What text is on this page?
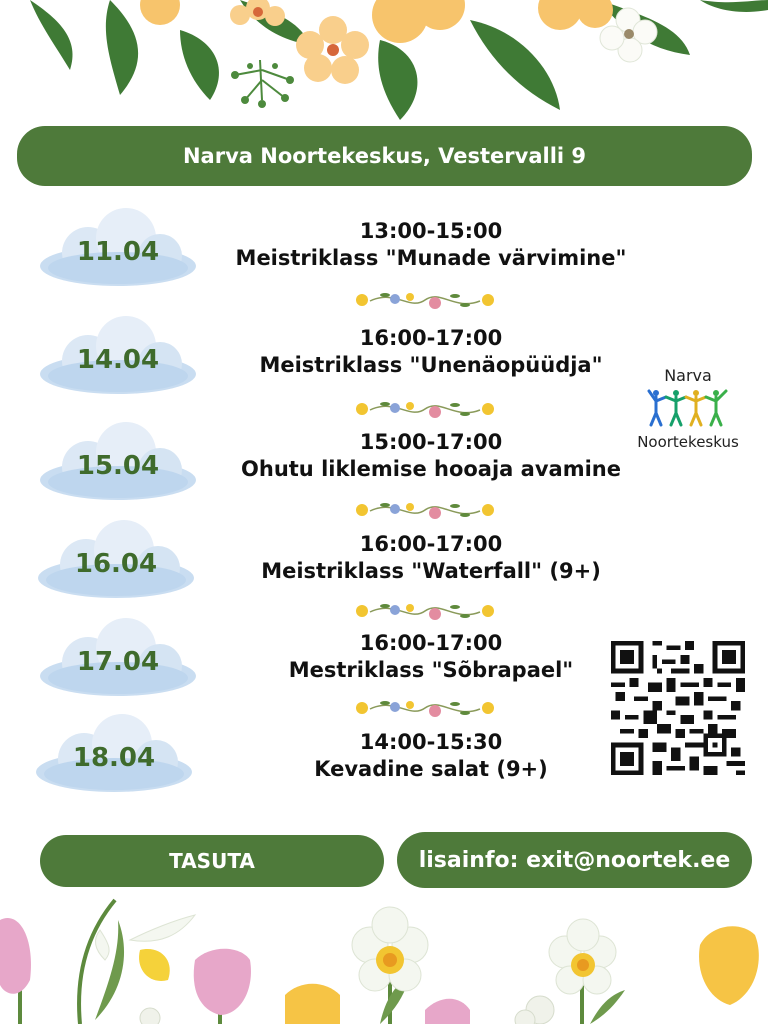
Narva Noortekeskus, Vestervalli 9
11.04
14.04
15.04
16.04
17.04
18.04
13:00-15:00
Meistriklass "Munade värvimine"
16:00-17:00
Meistriklass "Unenäopüüdja"
15:00-17:00
Ohutu liklemise hooaja avamine
16:00-17:00
Meistriklass "Waterfall" (9+)
16:00-17:00
Mestriklass "Sõbrapael"
14:00-15:30
Kevadine salat (9+)
Narva
Noortekeskus
TASUTA	lisainfo: exit@noortek.ee
